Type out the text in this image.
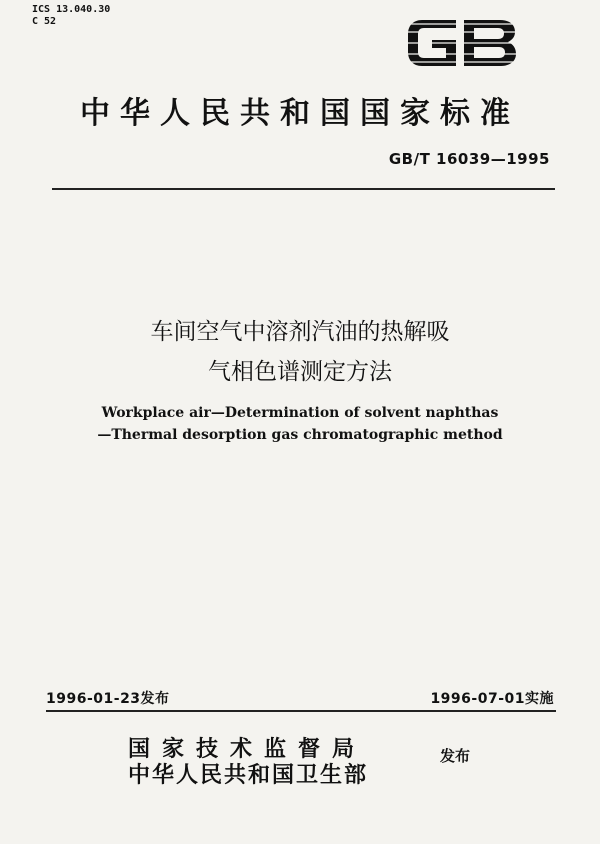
ICS 13.040.30
C 52
中华人民共和国国家标准
GB/T 16039—1995
车间空气中溶剂汽油的热解吸
气相色谱测定方法
Workplace air—Determination of solvent naphthas
—Thermal desorption gas chromatographic method
1996-01-23发布	1996-07-01实施
国家技术监督局
中华人民共和国卫生部
发布
